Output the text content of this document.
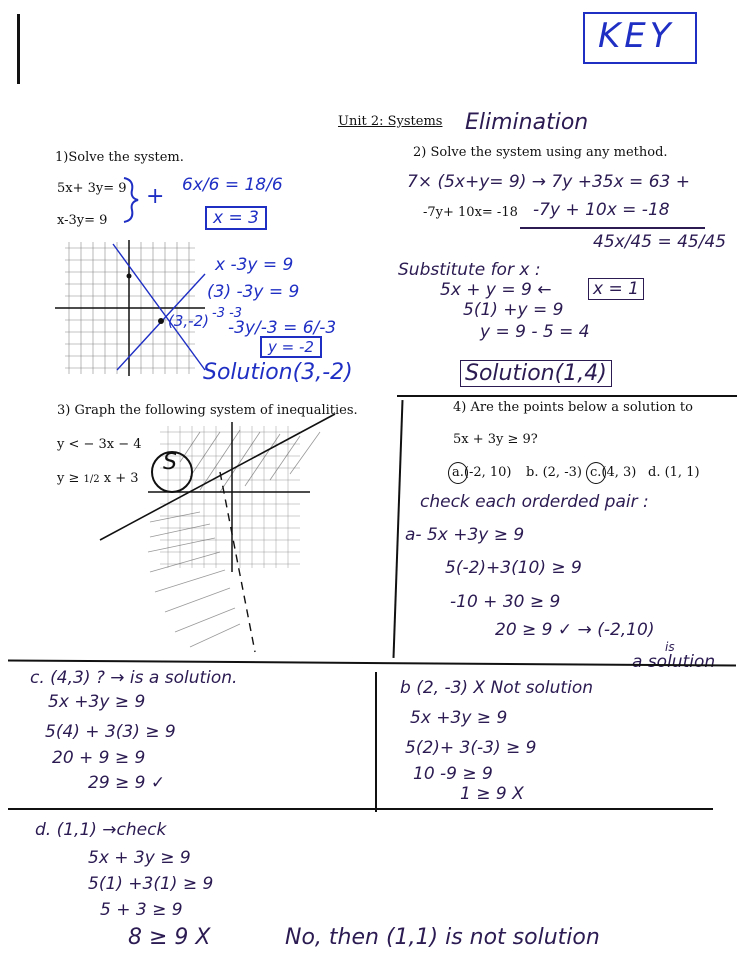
KEY
Unit 2: Systems Elimination
1)Solve the system.
5x+ 3y= 9
x-3y= 9
+ 6x/6 = 18/6
x = 3
x -3y = 9
(3) -3y = 9
-3 -3
-3y/-3 = 6/-3
y = -2
Solution(3,-2)
(3,-2)
2) Solve the system using any method.
7× (5x+y= 9) → 7y +35x = 63 +
-7y+ 10x= -18 -7y + 10x = -18
45x/45 = 45/45
Substitute for x :
5x + y = 9 ← x = 1
5(1) +y = 9
y = 9 - 5 = 4
Solution(1,4)
3) Graph the following system of inequalities.
y < − 3x − 4
y ≥ 1/2 x + 3
S
4) Are the points below a solution to
5x + 3y ≥ 9?
a.(-2, 10) b. (2, -3) c.(4, 3) d. (1, 1)
check each orderded pair :
a- 5x +3y ≥ 9
5(-2)+3(10) ≥ 9
-10 + 30 ≥ 9
20 ≥ 9 ✓ → (-2,10)
is
a solution
c. (4,3) ? → is a solution.
5x +3y ≥ 9
5(4) + 3(3) ≥ 9
20 + 9 ≥ 9
29 ≥ 9 ✓
b (2, -3) X Not solution
5x +3y ≥ 9
5(2)+ 3(-3) ≥ 9
10 -9 ≥ 9
1 ≥ 9 X
d. (1,1) →check
5x + 3y ≥ 9
5(1) +3(1) ≥ 9
5 + 3 ≥ 9
8 ≥ 9 X	No, then (1,1) is not solution
